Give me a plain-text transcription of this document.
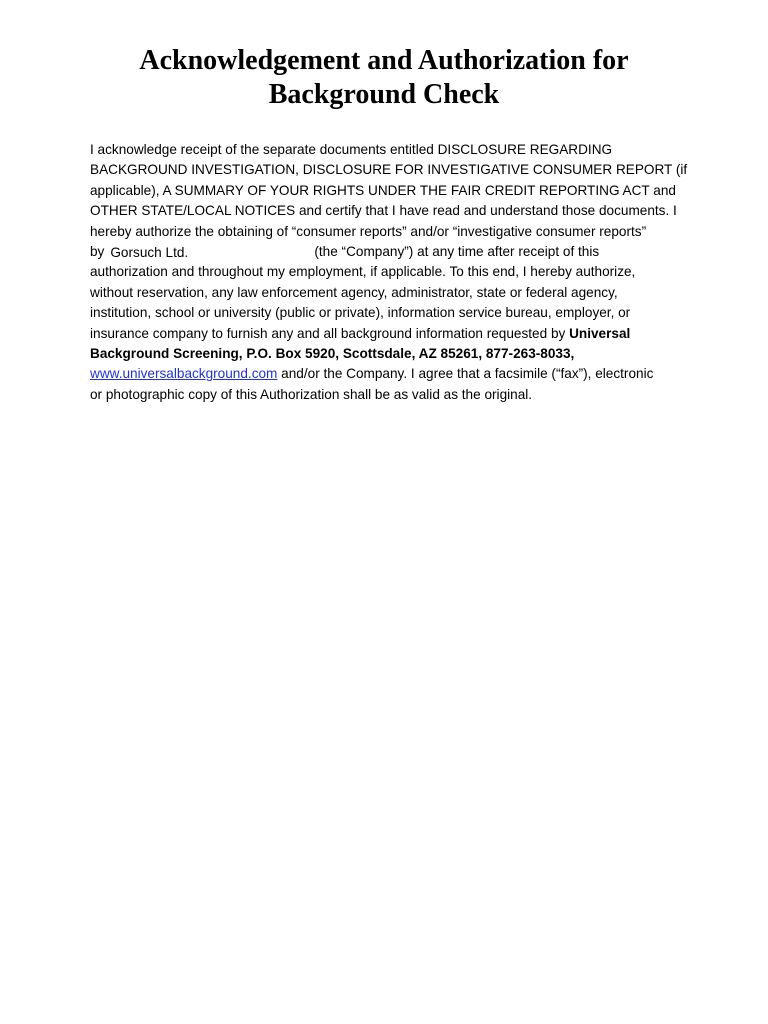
Acknowledgement and Authorization for
Background Check
I acknowledge receipt of the separate documents entitled DISCLOSURE REGARDING
BACKGROUND INVESTIGATION, DISCLOSURE FOR INVESTIGATIVE CONSUMER REPORT (if
applicable), A SUMMARY OF YOUR RIGHTS UNDER THE FAIR CREDIT REPORTING ACT and
OTHER STATE/LOCAL NOTICES and certify that I have read and understand those documents. I
hereby authorize the obtaining of “consumer reports” and/or “investigative consumer reports”
by Gorsuch Ltd.	(the “Company”) at any time after receipt of this
authorization and throughout my employment, if applicable. To this end, I hereby authorize,
without reservation, any law enforcement agency, administrator, state or federal agency,
institution, school or university (public or private), information service bureau, employer, or
insurance company to furnish any and all background information requested by Universal
Background Screening, P.O. Box 5920, Scottsdale, AZ 85261, 877-263-8033,
www.universalbackground.com and/or the Company. I agree that a facsimile (“fax”), electronic
or photographic copy of this Authorization shall be as valid as the original.
